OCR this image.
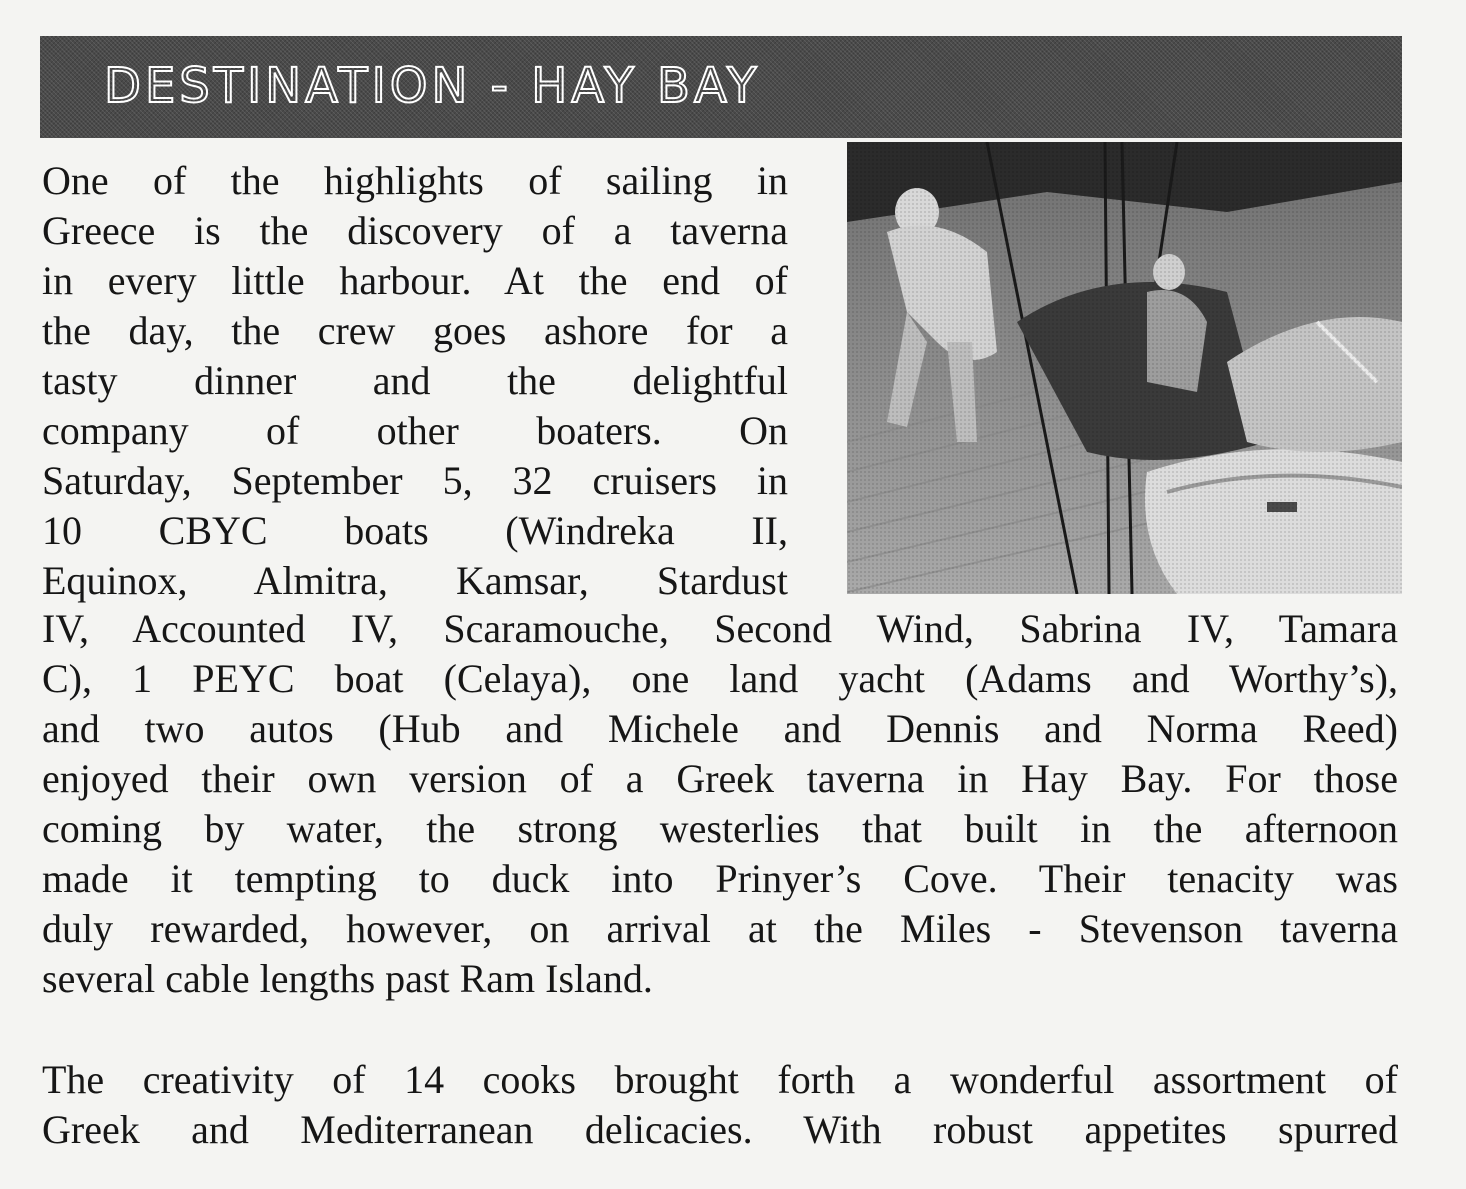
DESTINATION - HAY BAY
One of the highlights of sailing in
Greece is the discovery of a taverna
in every little harbour. At the end of
the day, the crew goes ashore for a
tasty dinner and the delightful
company of other boaters. On
Saturday, September 5, 32 cruisers in
10 CBYC boats (Windreka II,
Equinox, Almitra, Kamsar, Stardust
IV, Accounted IV, Scaramouche, Second Wind, Sabrina IV, Tamara
C), 1 PEYC boat (Celaya), one land yacht (Adams and Worthy’s),
and two autos (Hub and Michele and Dennis and Norma Reed)
enjoyed their own version of a Greek taverna in Hay Bay. For those
coming by water, the strong westerlies that built in the afternoon
made it tempting to duck into Prinyer’s Cove. Their tenacity was
duly rewarded, however, on arrival at the Miles - Stevenson taverna
several cable lengths past Ram Island.
The creativity of 14 cooks brought forth a wonderful assortment of
Greek and Mediterranean delicacies. With robust appetites spurred
